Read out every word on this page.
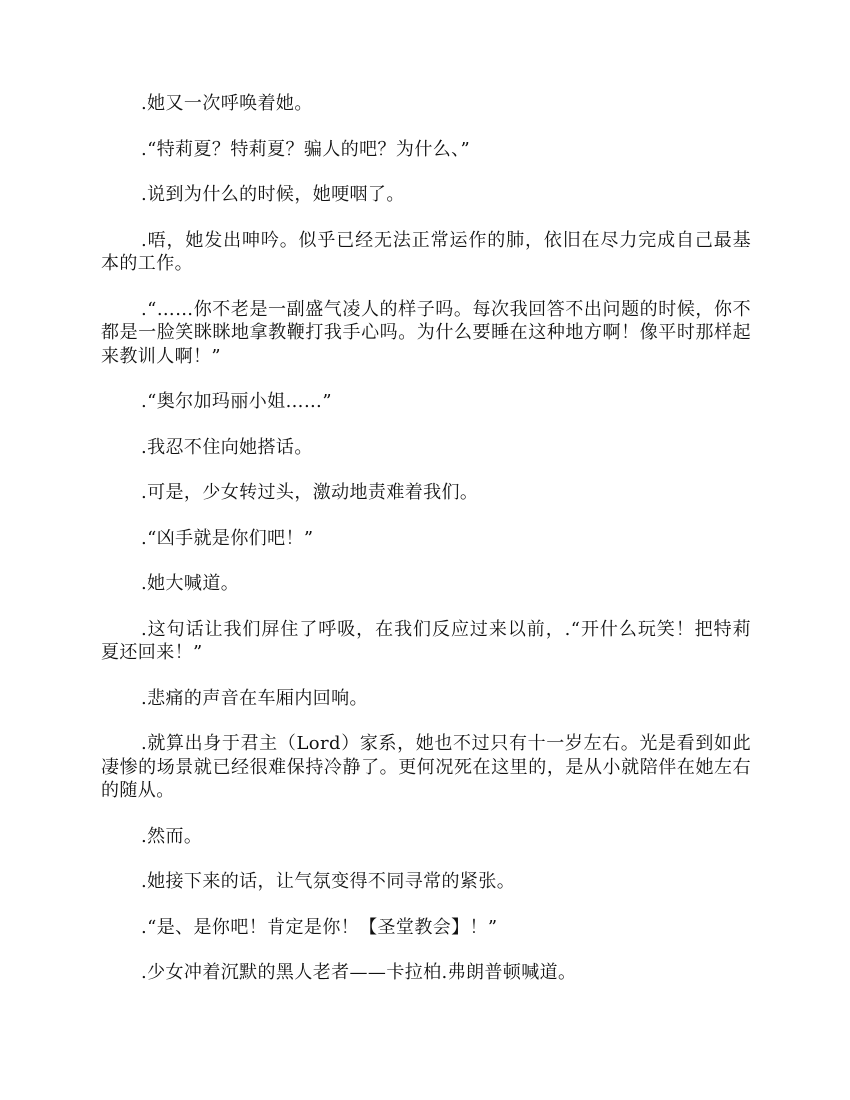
.她又一次呼唤着她。

.“特莉夏？特莉夏？骗人的吧？为什么、”

.说到为什么的时候，她哽咽了。

.唔，她发出呻吟。似乎已经无法正常运作的肺，依旧在尽力完成自己最基本的工作。

.“……你不老是一副盛气凌人的样子吗。每次我回答不出问题的时候，你不都是一脸笑眯眯地拿教鞭打我手心吗。为什么要睡在这种地方啊！像平时那样起来教训人啊！”

.“奥尔加玛丽小姐……”

.我忍不住向她搭话。

.可是，少女转过头，激动地责难着我们。

.“凶手就是你们吧！”

.她大喊道。

.这句话让我们屏住了呼吸，在我们反应过来以前，.“开什么玩笑！把特莉夏还回来！”

.悲痛的声音在车厢内回响。

.就算出身于君主（Lord）家系，她也不过只有十一岁左右。光是看到如此凄惨的场景就已经很难保持冷静了。更何况死在这里的，是从小就陪伴在她左右的随从。

.然而。

.她接下来的话，让气氛变得不同寻常的紧张。

.“是、是你吧！肯定是你！【圣堂教会】！”

.少女冲着沉默的黑人老者——卡拉柏.弗朗普顿喊道。
